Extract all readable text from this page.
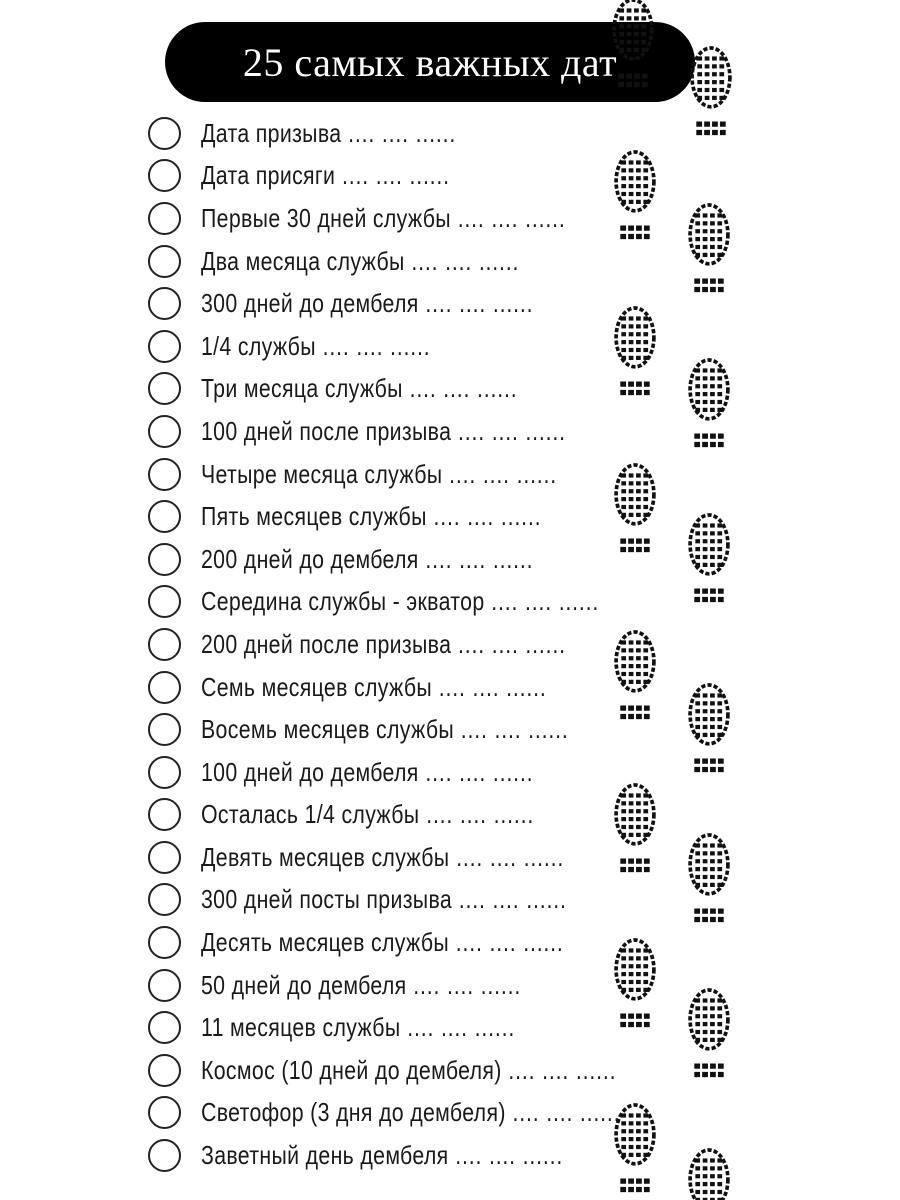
25 самых важных дат
Дата призыва .... .... ......
Дата присяги .... .... ......
Первые 30 дней службы .... .... ......
Два месяца службы .... .... ......
300 дней до дембеля .... .... ......
1/4 службы .... .... ......
Три месяца службы .... .... ......
100 дней после призыва .... .... ......
Четыре месяца службы .... .... ......
Пять месяцев службы .... .... ......
200 дней до дембеля .... .... ......
Середина службы - экватор .... .... ......
200 дней после призыва .... .... ......
Семь месяцев службы .... .... ......
Восемь месяцев службы .... .... ......
100 дней до дембеля .... .... ......
Осталась 1/4 службы .... .... ......
Девять месяцев службы .... .... ......
300 дней посты призыва .... .... ......
Десять месяцев службы .... .... ......
50 дней до дембеля .... .... ......
11 месяцев службы .... .... ......
Космос (10 дней до дембеля) .... .... ......
Светофор (3 дня до дембеля) .... .... ......
Заветный день дембеля .... .... ......
